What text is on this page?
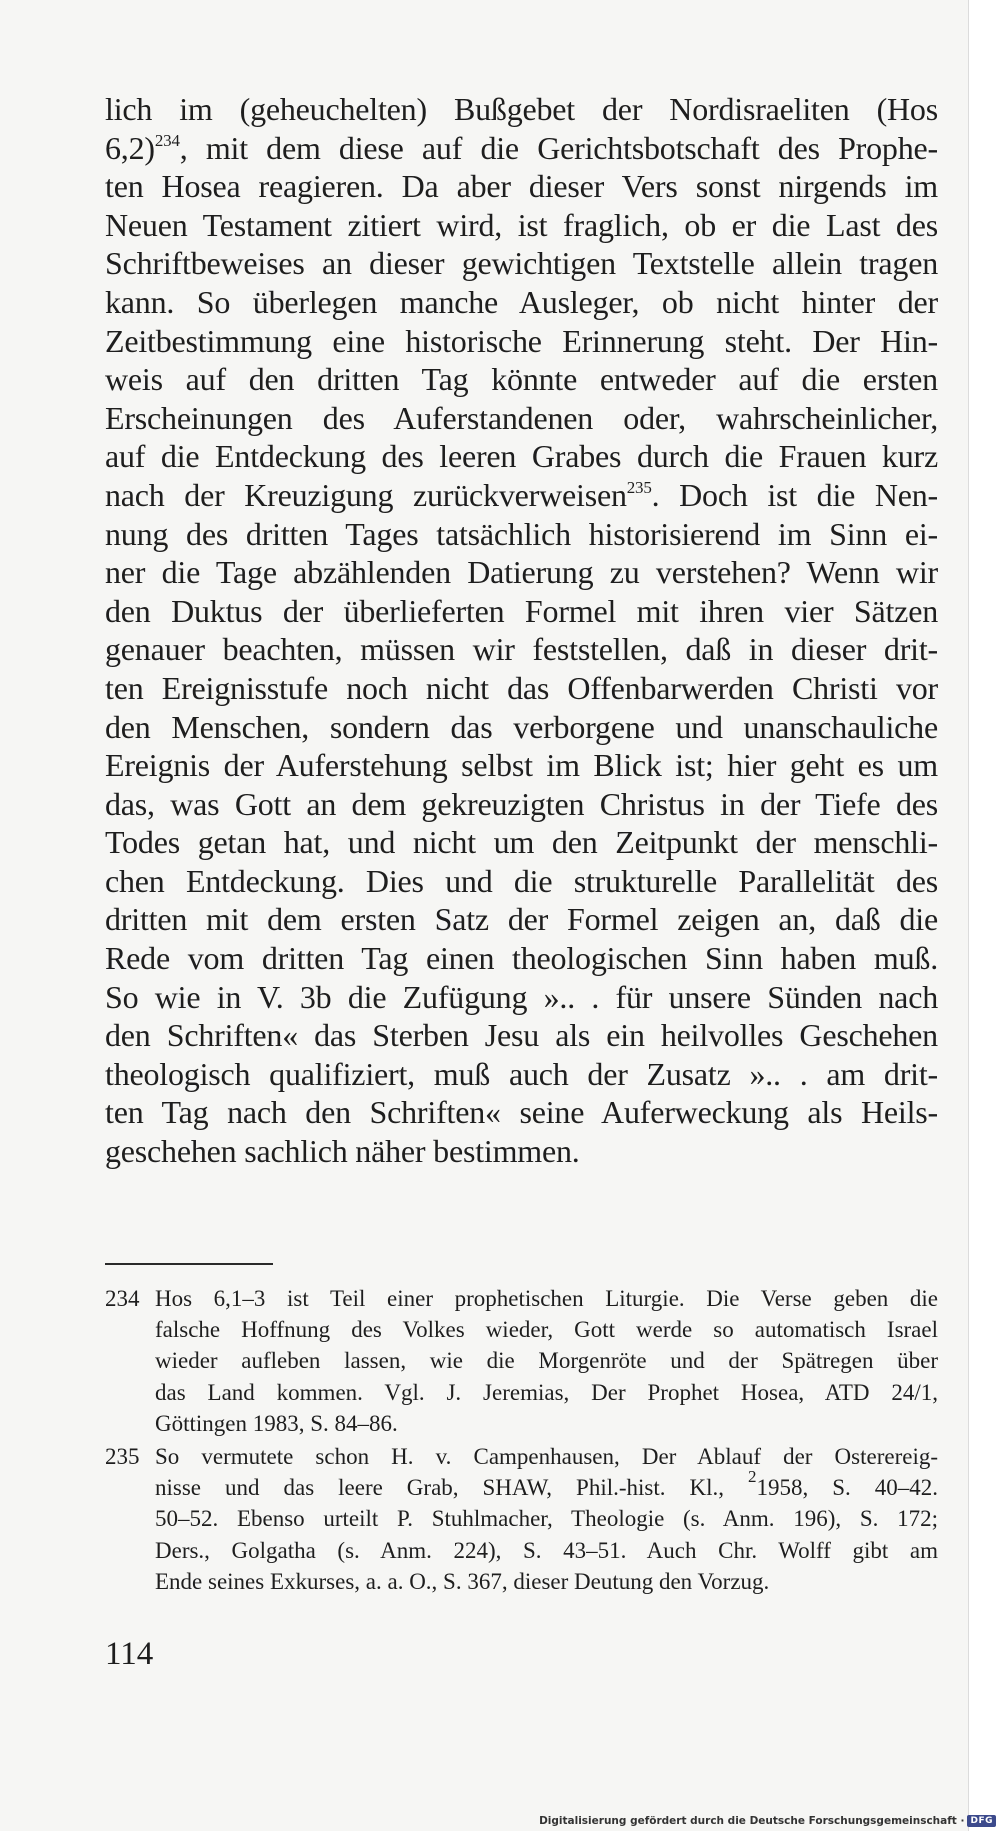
lich im (geheuchelten) Bußgebet der Nordisraeliten (Hos
6,2)$^{234}$, mit dem diese auf die Gerichtsbotschaft des Prophe-
ten Hosea reagieren. Da aber dieser Vers sonst nirgends im
Neuen Testament zitiert wird, ist fraglich, ob er die Last des
Schriftbeweises an dieser gewichtigen Textstelle allein tragen
kann. So überlegen manche Ausleger, ob nicht hinter der
Zeitbestimmung eine historische Erinnerung steht. Der Hin-
weis auf den dritten Tag könnte entweder auf die ersten
Erscheinungen des Auferstandenen oder, wahrscheinlicher,
auf die Entdeckung des leeren Grabes durch die Frauen kurz
nach der Kreuzigung zurückverweisen$^{235}$. Doch ist die Nen-
nung des dritten Tages tatsächlich historisierend im Sinn ei-
ner die Tage abzählenden Datierung zu verstehen? Wenn wir
den Duktus der überlieferten Formel mit ihren vier Sätzen
genauer beachten, müssen wir feststellen, daß in dieser drit-
ten Ereignisstufe noch nicht das Offenbarwerden Christi vor
den Menschen, sondern das verborgene und unanschauliche
Ereignis der Auferstehung selbst im Blick ist; hier geht es um
das, was Gott an dem gekreuzigten Christus in der Tiefe des
Todes getan hat, und nicht um den Zeitpunkt der menschli-
chen Entdeckung. Dies und die strukturelle Parallelität des
dritten mit dem ersten Satz der Formel zeigen an, daß die
Rede vom dritten Tag einen theologischen Sinn haben muß.
So wie in V. 3b die Zufügung ».. . für unsere Sünden nach
den Schriften« das Sterben Jesu als ein heilvolles Geschehen
theologisch qualifiziert, muß auch der Zusatz ».. . am drit-
ten Tag nach den Schriften« seine Auferweckung als Heils-
geschehen sachlich näher bestimmen.
234 Hos 6,1–3 ist Teil einer prophetischen Liturgie. Die Verse geben die
falsche Hoffnung des Volkes wieder, Gott werde so automatisch Israel
wieder aufleben lassen, wie die Morgenröte und der Spätregen über
das Land kommen. Vgl. J. Jeremias, Der Prophet Hosea, ATD 24/1,
Göttingen 1983, S. 84–86.
235 So vermutete schon H. v. Campenhausen, Der Ablauf der Osterereig-
nisse und das leere Grab, SHAW, Phil.-hist. Kl., $^2$1958, S. 40–42.
50–52. Ebenso urteilt P. Stuhlmacher, Theologie (s. Anm. 196), S. 172;
Ders., Golgatha (s. Anm. 224), S. 43–51. Auch Chr. Wolff gibt am
Ende seines Exkurses, a. a. O., S. 367, dieser Deutung den Vorzug.
114
Digitalisierung gefördert durch die Deutsche Forschungsgemeinschaft · DFG
